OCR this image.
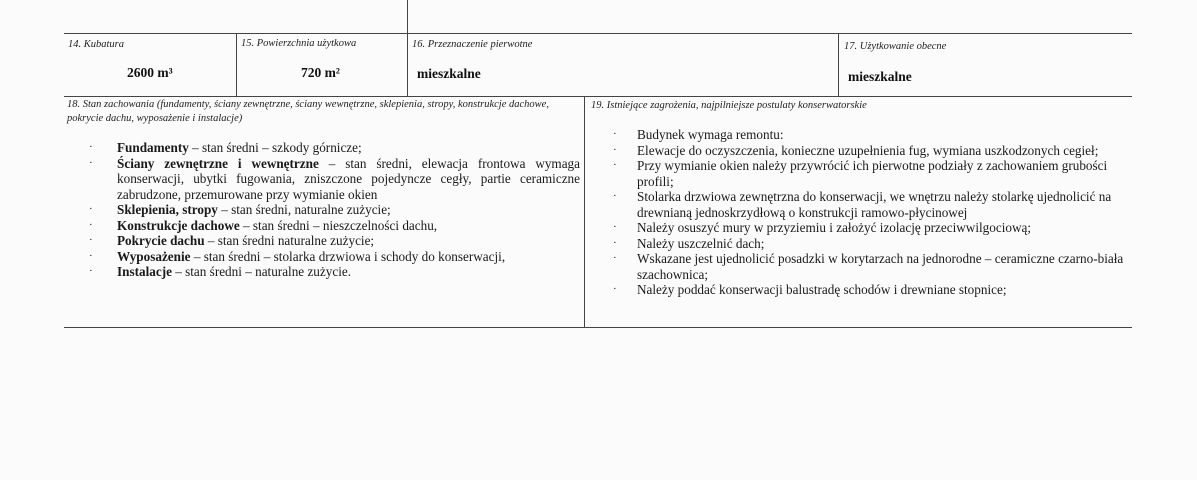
14. Kubatura
2600 m³
15. Powierzchnia użytkowa
720 m²
16. Przeznaczenie pierwotne
mieszkalne
17. Użytkowanie obecne
mieszkalne
18. Stan zachowania (fundamenty, ściany zewnętrzne, ściany wewnętrzne, sklepienia, stropy, konstrukcje dachowe, pokrycie dachu, wyposażenie i instalacje)
· Fundamenty – stan średni – szkody górnicze;
· Ściany zewnętrzne i wewnętrzne – stan średni, elewacja frontowa wymaga konserwacji, ubytki fugowania, zniszczone pojedyncze cegły, partie ceramiczne zabrudzone, przemurowane przy wymianie okien
· Sklepienia, stropy – stan średni, naturalne zużycie;
· Konstrukcje dachowe – stan średni – nieszczelności dachu,
· Pokrycie dachu – stan średni naturalne zużycie;
· Wyposażenie – stan średni – stolarka drzwiowa i schody do konserwacji,
· Instalacje – stan średni – naturalne zużycie.
19. Istniejące zagrożenia, najpilniejsze postulaty konserwatorskie
· Budynek wymaga remontu:
· Elewacje do oczyszczenia, konieczne uzupełnienia fug, wymiana uszkodzonych cegieł;
· Przy wymianie okien należy przywrócić ich pierwotne podziały z zachowaniem grubości profili;
· Stolarka drzwiowa zewnętrzna do konserwacji, we wnętrzu należy stolarkę ujednolicić na drewnianą jednoskrzydłową o konstrukcji ramowo-płycinowej
· Należy osuszyć mury w przyziemiu i założyć izolację przeciwwilgociową;
· Należy uszczelnić dach;
· Wskazane jest ujednolicić posadzki w korytarzach na jednorodne – ceramiczne czarno-biała szachownica;
· Należy poddać konserwacji balustradę schodów i drewniane stopnice;
